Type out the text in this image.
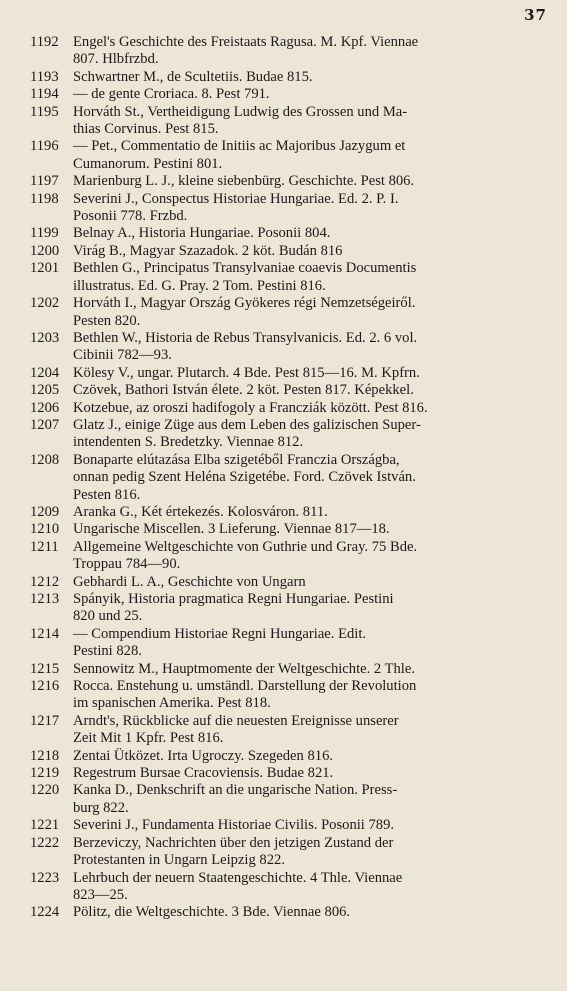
37
1192 Engel's Geschichte des Freistaats Ragusa. M. Kpf. Viennae
807. Hlbfrzbd.
1193 Schwartner M., de Scultetiis. Budae 815.
1194 — de gente Croriaca. 8. Pest 791.
1195 Horváth St., Vertheidigung Ludwig des Grossen und Ma-
thias Corvinus. Pest 815.
1196 — Pet., Commentatio de Initiis ac Majoribus Jazygum et
Cumanorum. Pestini 801.
1197 Marienburg L. J., kleine siebenbürg. Geschichte. Pest 806.
1198 Severini J., Conspectus Historiae Hungariae. Ed. 2. P. I.
Posonii 778. Frzbd.
1199 Belnay A., Historia Hungariae. Posonii 804.
1200 Virág B., Magyar Szazadok. 2 köt. Budán 816
1201 Bethlen G., Principatus Transylvaniae coaevis Documentis
illustratus. Ed. G. Pray. 2 Tom. Pestini 816.
1202 Horváth I., Magyar Ország Gyökeres régi Nemzetségeiről.
Pesten 820.
1203 Bethlen W., Historia de Rebus Transylvanicis. Ed. 2. 6 vol.
Cibinii 782—93.
1204 Kölesy V., ungar. Plutarch. 4 Bde. Pest 815—16. M. Kpfrn.
1205 Czövek, Bathori István élete. 2 köt. Pesten 817. Képekkel.
1206 Kotzebue, az oroszi hadifogoly a Francziák között. Pest 816.
1207 Glatz J., einige Züge aus dem Leben des galizischen Super-
intendenten S. Bredetzky. Viennae 812.
1208 Bonaparte elútazása Elba szigetéből Franczia Országba,
onnan pedig Szent Heléna Szigetébe. Ford. Czövek István.
Pesten 816.
1209 Aranka G., Két értekezés. Kolosváron. 811.
1210 Ungarische Miscellen. 3 Lieferung. Viennae 817—18.
1211 Allgemeine Weltgeschichte von Guthrie und Gray. 75 Bde.
Troppau 784—90.
1212 Gebhardi L. A., Geschichte von Ungarn
1213 Spányik, Historia pragmatica Regni Hungariae. Pestini
820 und 25.
1214 — Compendium Historiae Regni Hungariae. Edit.
Pestini 828.
1215 Sennowitz M., Hauptmomente der Weltgeschichte. 2 Thle.
1216 Rocca. Enstehung u. umständl. Darstellung der Revolution
im spanischen Amerika. Pest 818.
1217 Arndt's, Rückblicke auf die neuesten Ereignisse unserer
Zeit Mit 1 Kpfr. Pest 816.
1218 Zentai Ütközet. Irta Ugroczy. Szegeden 816.
1219 Regestrum Bursae Cracoviensis. Budae 821.
1220 Kanka D., Denkschrift an die ungarische Nation. Press-
burg 822.
1221 Severini J., Fundamenta Historiae Civilis. Posonii 789.
1222 Berzeviczy, Nachrichten über den jetzigen Zustand der
Protestanten in Ungarn Leipzig 822.
1223 Lehrbuch der neuern Staatengeschichte. 4 Thle. Viennae
823—25.
1224 Pölitz, die Weltgeschichte. 3 Bde. Viennae 806.
